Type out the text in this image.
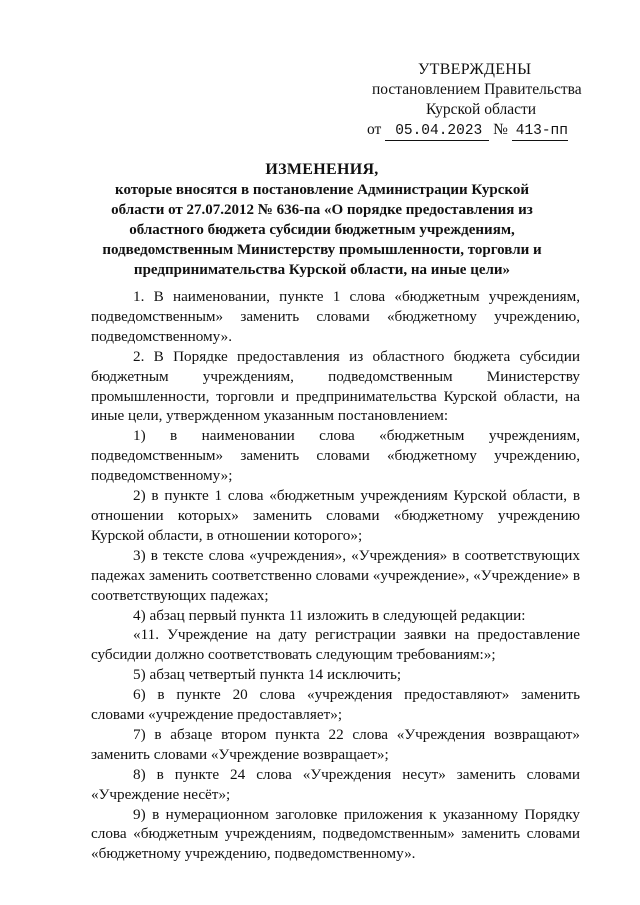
УТВЕРЖДЕНЫ
постановлением Правительства
Курской области
от 05.04.2023 № 413-пп
ИЗМЕНЕНИЯ,
которые вносятся в постановление Администрации Курской области от 27.07.2012 № 636-па «О порядке предоставления из областного бюджета субсидии бюджетным учреждениям, подведомственным Министерству промышленности, торговли и предпринимательства Курской области, на иные цели»

1. В наименовании, пункте 1 слова «бюджетным учреждениям, подведомственным» заменить словами «бюджетному учреждению, подведомственному».

2. В Порядке предоставления из областного бюджета субсидии бюджетным учреждениям, подведомственным Министерству промышленности, торговли и предпринимательства Курской области, на иные цели, утвержденном указанным постановлением:

1) в наименовании слова «бюджетным учреждениям, подведомственным» заменить словами «бюджетному учреждению, подведомственному»;

2) в пункте 1 слова «бюджетным учреждениям Курской области, в отношении которых» заменить словами «бюджетному учреждению Курской области, в отношении которого»;

3) в тексте слова «учреждения», «Учреждения» в соответствующих падежах заменить соответственно словами «учреждение», «Учреждение» в соответствующих падежах;

4) абзац первый пункта 11 изложить в следующей редакции:

«11. Учреждение на дату регистрации заявки на предоставление субсидии должно соответствовать следующим требованиям:»;

5) абзац четвертый пункта 14 исключить;

6) в пункте 20 слова «учреждения предоставляют» заменить словами «учреждение предоставляет»;

7) в абзаце втором пункта 22 слова «Учреждения возвращают» заменить словами «Учреждение возвращает»;

8) в пункте 24 слова «Учреждения несут» заменить словами «Учреждение несёт»;

9) в нумерационном заголовке приложения к указанному Порядку слова «бюджетным учреждениям, подведомственным» заменить словами «бюджетному учреждению, подведомственному».
